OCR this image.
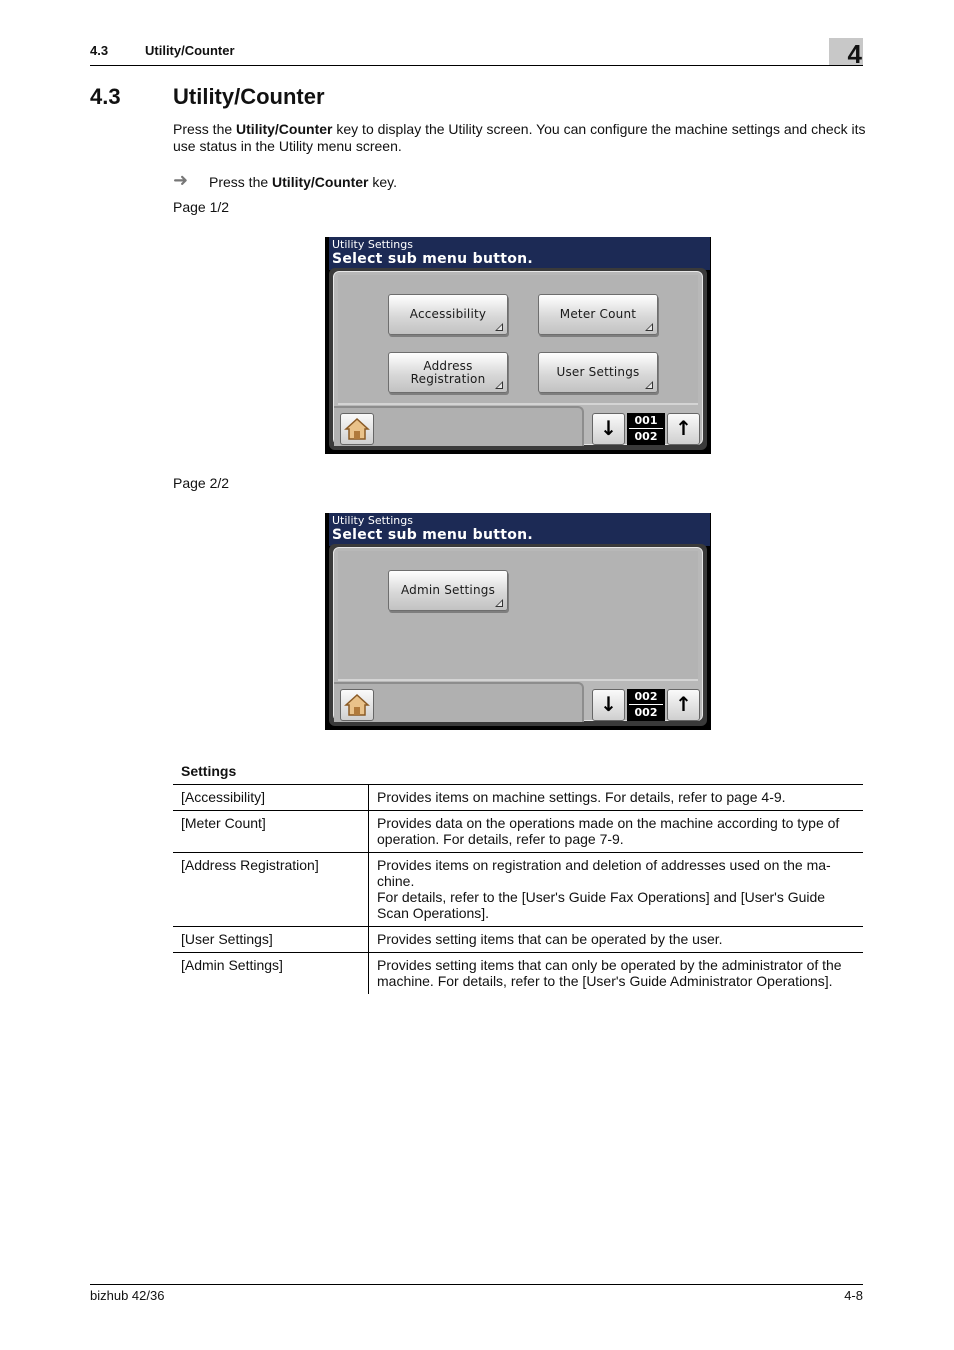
4.3	Utility/Counter	4
4.3 Utility/Counter
Press the Utility/Counter key to display the Utility screen. You can configure the machine settings and check its use status in the Utility menu screen.
➜ Press the Utility/Counter key.
Page 1/2
Utility Settings
Select sub menu button.
Accessibility	Meter Count
Address
Registration	User Settings
↓	001
002 ↑
Page 2/2
Utility Settings
Select sub menu button.
Admin Settings
↓	002
002 ↑
Settings
[Accessibility]	Provides items on machine settings. For details, refer to page 4-9.
[Meter Count]	Provides data on the operations made on the machine according to type of operation. For details, refer to page 7-9.
[Address Registration]	Provides items on registration and deletion of addresses used on the ma-
chine.
For details, refer to the [User's Guide Fax Operations] and [User's Guide Scan Operations].
[User Settings]	Provides setting items that can be operated by the user.
[Admin Settings]	Provides setting items that can only be operated by the administrator of the machine. For details, refer to the [User's Guide Administrator Operations].
bizhub 42/36	4-8
